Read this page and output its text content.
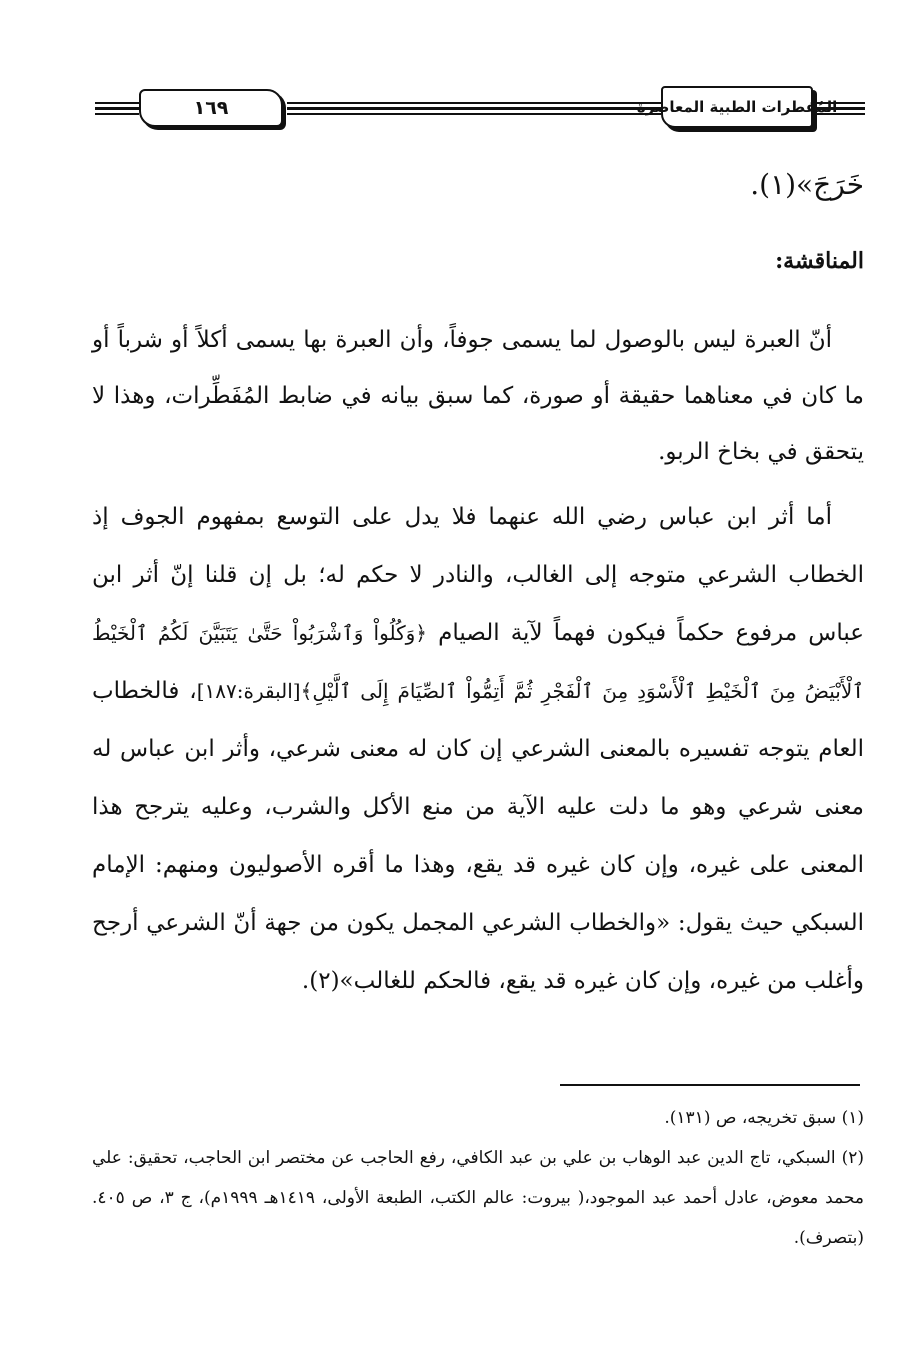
١٦٩	المُفطرات الطبية المعاصرة
خَرَجَ»(١).
المناقشة:

أنّ العبرة ليس بالوصول لما يسمى جوفاً، وأن العبرة بها يسمى أكلاً أو شرباً أو ما كان في معناهما حقيقة أو صورة، كما سبق بيانه في ضابط المُفَطِّرات، وهذا لا يتحقق في بخاخ الربو.

أما أثر ابن عباس رضي الله عنهما فلا يدل على التوسع بمفهوم الجوف إذ الخطاب الشرعي متوجه إلى الغالب، والنادر لا حكم له؛ بل إن قلنا إنّ أثر ابن عباس مرفوع حكماً فيكون فهماً لآية الصيام ﴿وَكُلُواْ وَٱشْرَبُواْ حَتَّىٰ يَتَبَيَّنَ لَكُمُ ٱلْخَيْطُ ٱلْأَبْيَضُ مِنَ ٱلْخَيْطِ ٱلْأَسْوَدِ مِنَ ٱلْفَجْرِ ثُمَّ أَتِمُّواْ ٱلصِّيَامَ إِلَى ٱلَّيْلِ﴾[البقرة:١٨٧]، فالخطاب العام يتوجه تفسيره بالمعنى الشرعي إن كان له معنى شرعي، وأثر ابن عباس له معنى شرعي وهو ما دلت عليه الآية من منع الأكل والشرب، وعليه يترجح هذا المعنى على غيره، وإن كان غيره قد يقع، وهذا ما أقره الأصوليون ومنهم: الإمام السبكي حيث يقول: «والخطاب الشرعي المجمل يكون من جهة أنّ الشرعي أرجح وأغلب من غيره، وإن كان غيره قد يقع، فالحكم للغالب»(٢).

(١) سبق تخريجه، ص (١٣١).

(٢) السبكي، تاج الدين عبد الوهاب بن علي بن عبد الكافي، رفع الحاجب عن مختصر ابن الحاجب، تحقيق: علي محمد معوض، عادل أحمد عبد الموجود،( بيروت: عالم الكتب، الطبعة الأولى، ١٤١٩هـ ١٩٩٩م)، ج ٣، ص ٤٠٥. (بتصرف).
